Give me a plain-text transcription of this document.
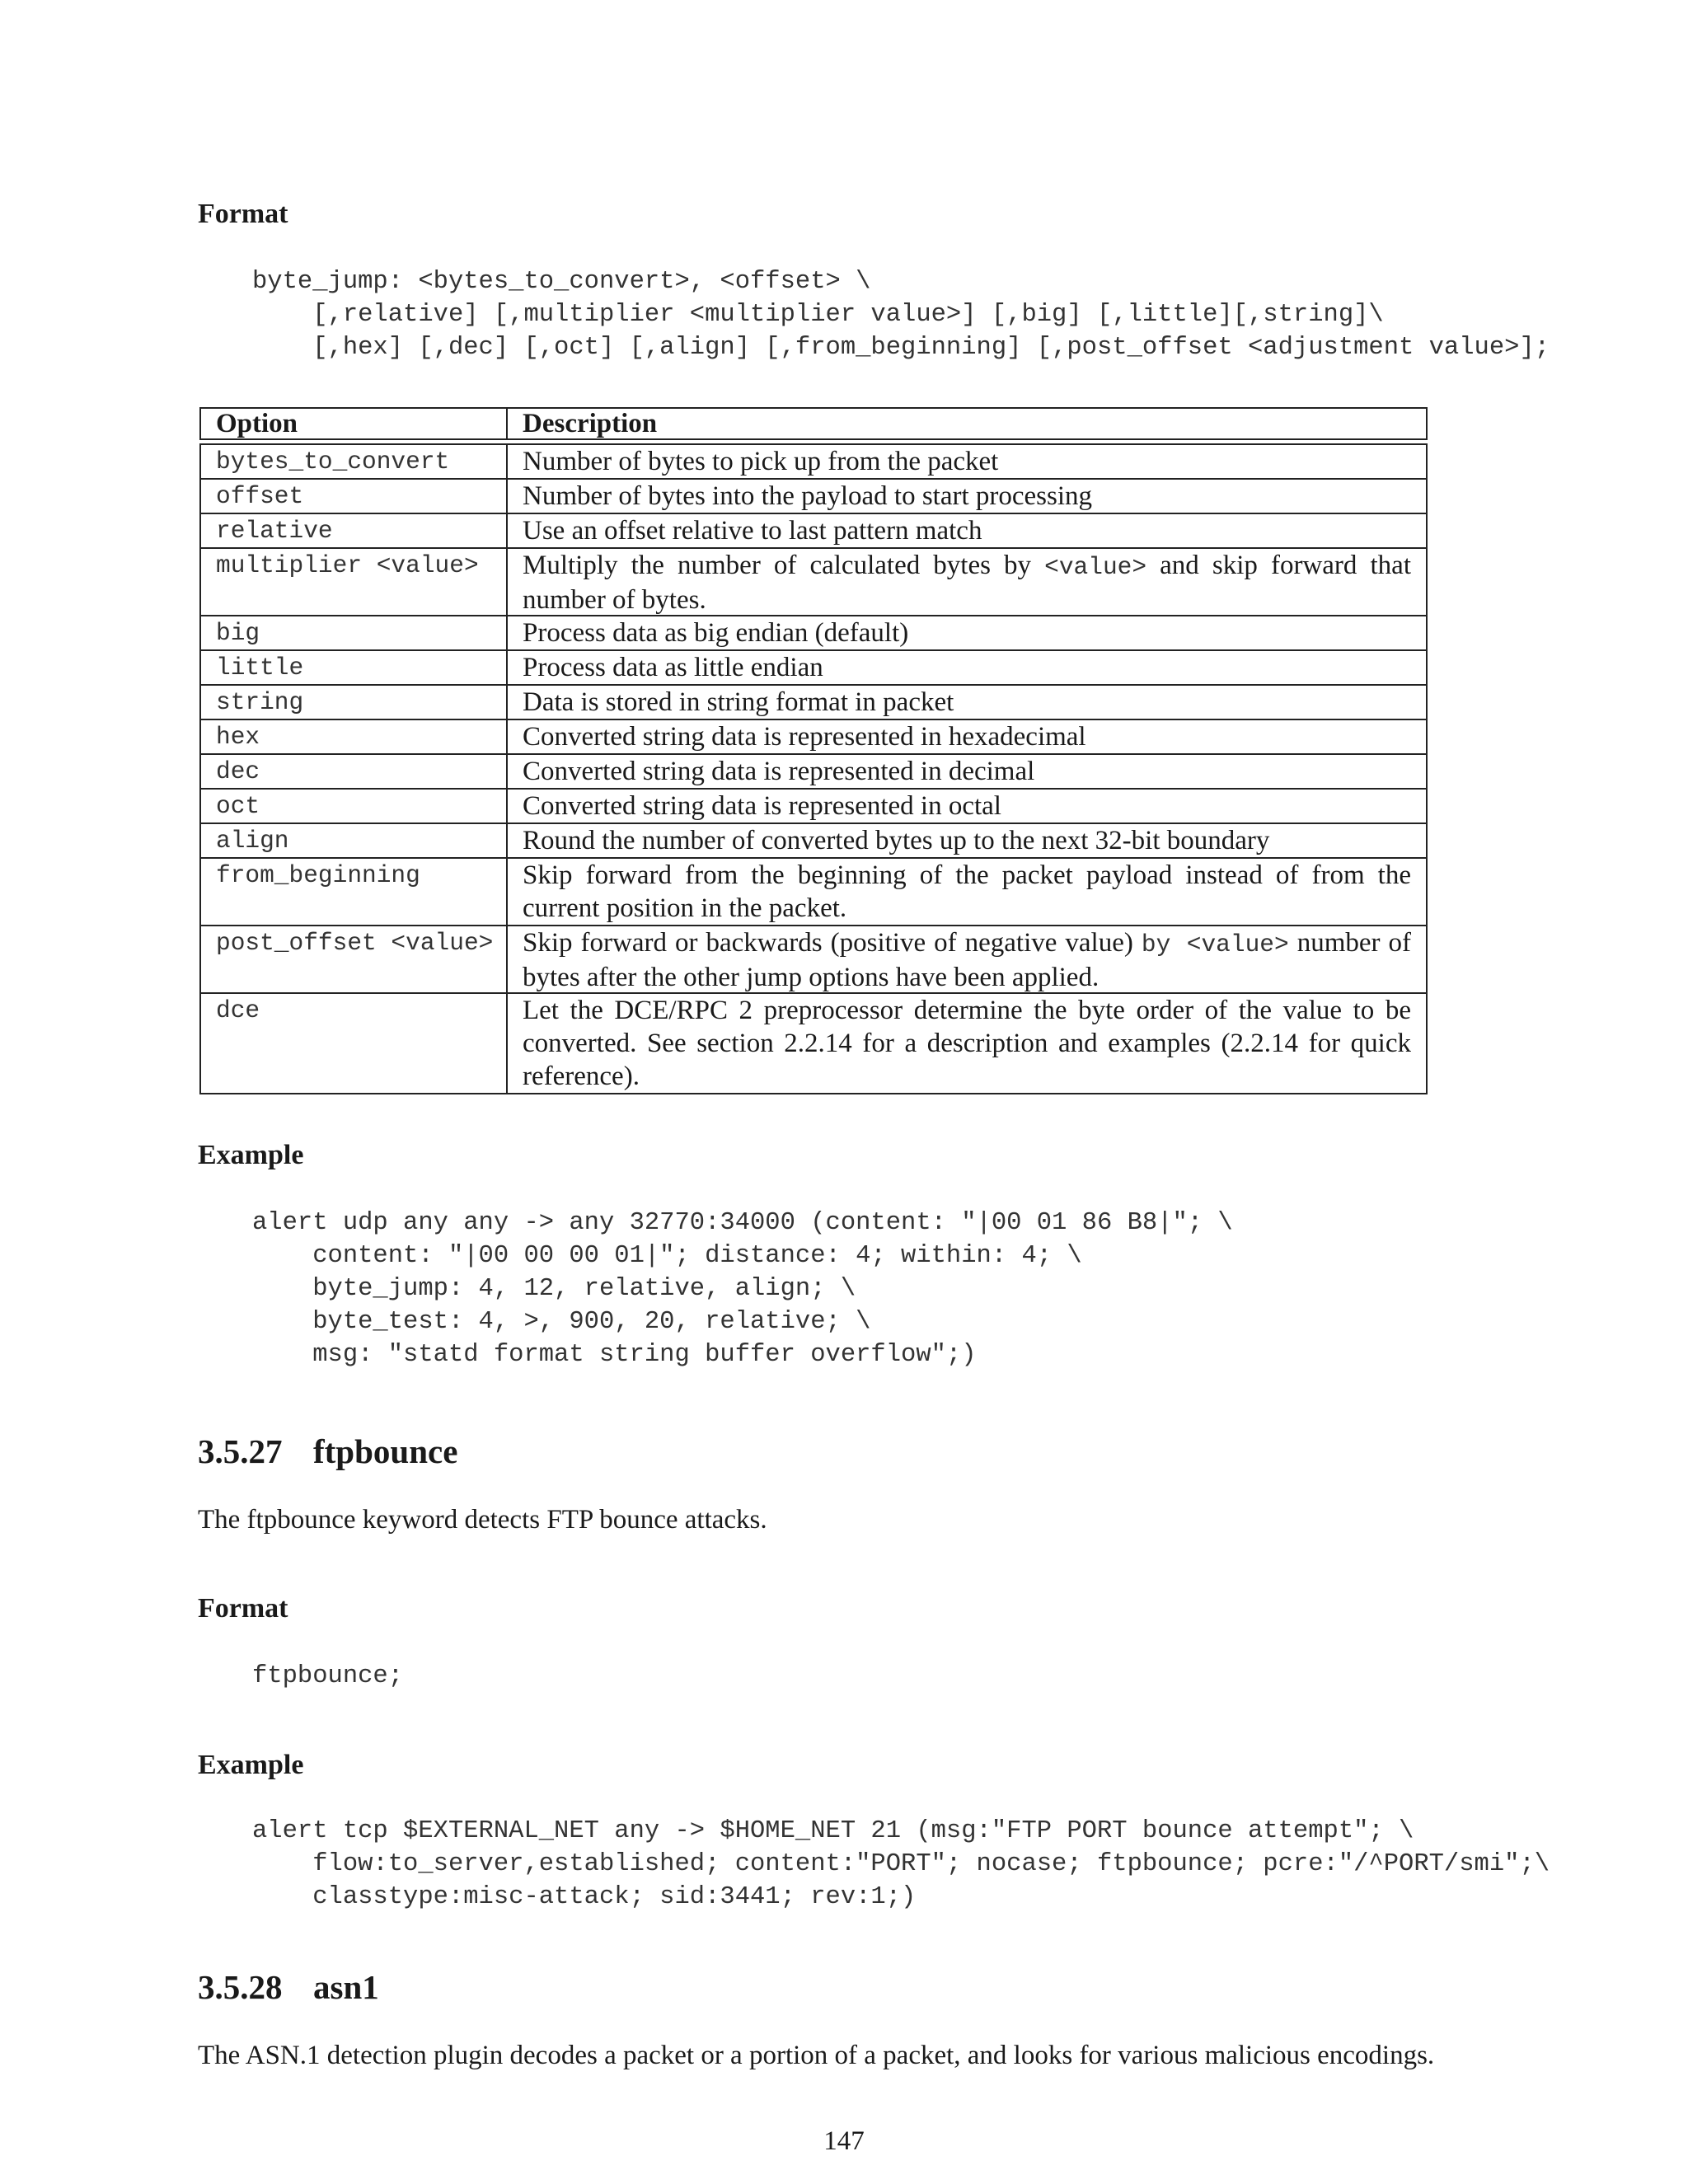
Format
byte_jump: <bytes_to_convert>, <offset> \
[,relative] [,multiplier <multiplier value>] [,big] [,little][,string]\
[,hex] [,dec] [,oct] [,align] [,from_beginning] [,post_offset <adjustment value>];
Option	Description
bytes_to_convert	Number of bytes to pick up from the packet
offset	Number of bytes into the payload to start processing
relative	Use an offset relative to last pattern match
multiplier <value>	Multiply the number of calculated bytes by <value> and skip forward that number of bytes.
big	Process data as big endian (default)
little	Process data as little endian
string	Data is stored in string format in packet
hex	Converted string data is represented in hexadecimal
dec	Converted string data is represented in decimal
oct	Converted string data is represented in octal
align	Round the number of converted bytes up to the next 32-bit boundary
from_beginning	Skip forward from the beginning of the packet payload instead of from the current position in the packet.
post_offset <value>	Skip forward or backwards (positive of negative value) by <value> number of bytes after the other jump options have been applied.
dce	Let the DCE/RPC 2 preprocessor determine the byte order of the value to be converted. See section 2.2.14 for a description and examples (2.2.14 for quick reference).
Example
alert udp any any -> any 32770:34000 (content: "|00 01 86 B8|"; \
content: "|00 00 00 01|"; distance: 4; within: 4; \
byte_jump: 4, 12, relative, align; \
byte_test: 4, >, 900, 20, relative; \
msg: "statd format string buffer overflow";)
3.5.27 ftpbounce

The ftpbounce keyword detects FTP bounce attacks.

Format
ftpbounce;
Example
alert tcp $EXTERNAL_NET any -> $HOME_NET 21 (msg:"FTP PORT bounce attempt"; \
flow:to_server,established; content:"PORT"; nocase; ftpbounce; pcre:"/^PORT/smi";\
classtype:misc-attack; sid:3441; rev:1;)
3.5.28 asn1

The ASN.1 detection plugin decodes a packet or a portion of a packet, and looks for various malicious encodings.

147
